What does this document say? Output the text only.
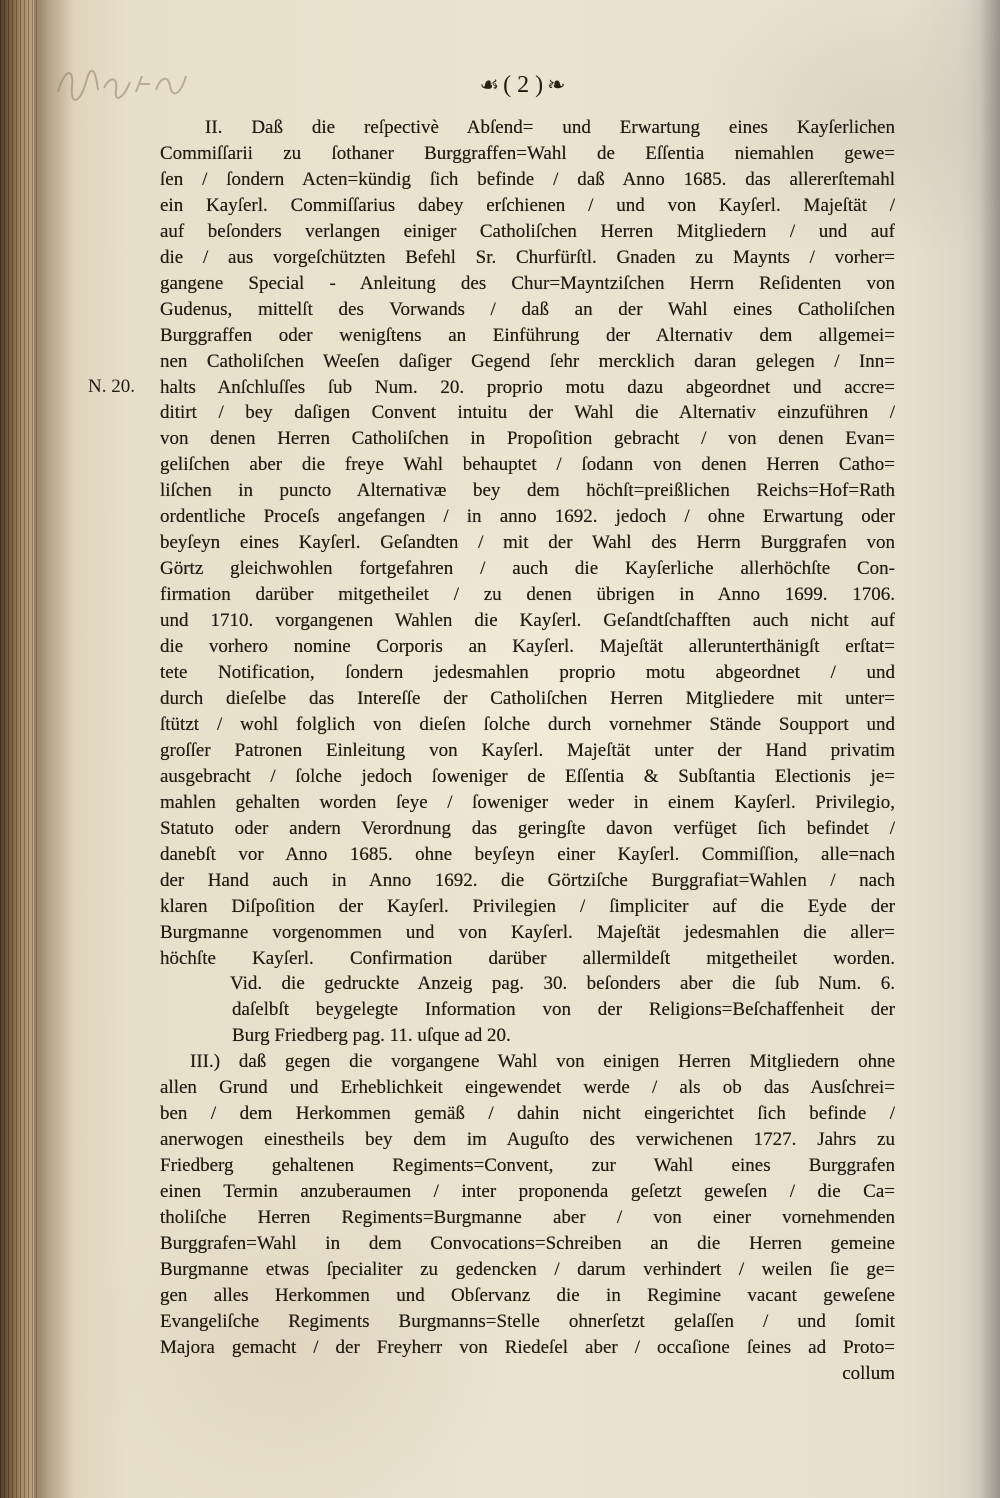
☙ ( 2 ) ❧
N. 20.
II. Daß die reſpectivè Abſend= und Erwartung eines Kayſerlichen
Commiſſarii zu ſothaner Burggraffen=Wahl de Eſſentia niemahlen gewe=
ſen / ſondern Acten=kündig ſich befinde / daß Anno 1685. das allererſtemahl
ein Kayſerl. Commiſſarius dabey erſchienen / und von Kayſerl. Majeſtät /
auf beſonders verlangen einiger Catholiſchen Herren Mitgliedern / und auf
die / aus vorgeſchützten Befehl Sr. Churfürſtl. Gnaden zu Maynts / vorher=
gangene Special - Anleitung des Chur=Mayntziſchen Herrn Reſidenten von
Gudenus, mittelſt des Vorwands / daß an der Wahl eines Catholiſchen
Burggraffen oder wenigſtens an Einführung der Alternativ dem allgemei=
nen Catholiſchen Weeſen daſiger Gegend ſehr mercklich daran gelegen / Inn=
halts Anſchluſſes ſub Num. 20. proprio motu dazu abgeordnet und accre=
ditirt / bey daſigen Convent intuitu der Wahl die Alternativ einzuführen /
von denen Herren Catholiſchen in Propoſition gebracht / von denen Evan=
geliſchen aber die freye Wahl behauptet / ſodann von denen Herren Catho=
liſchen in puncto Alternativæ bey dem höchſt=preißlichen Reichs=Hof=Rath
ordentliche Proceſs angefangen / in anno 1692. jedoch / ohne Erwartung oder
beyſeyn eines Kayſerl. Geſandten / mit der Wahl des Herrn Burggrafen von
Görtz gleichwohlen fortgefahren / auch die Kayſerliche allerhöchſte Con-
firmation darüber mitgetheilet / zu denen übrigen in Anno 1699. 1706.
und 1710. vorgangenen Wahlen die Kayſerl. Geſandtſchafften auch nicht auf
die vorhero nomine Corporis an Kayſerl. Majeſtät allerunterthänigſt erſtat=
tete Notification, ſondern jedesmahlen proprio motu abgeordnet / und
durch dieſelbe das Intereſſe der Catholiſchen Herren Mitgliedere mit unter=
ſtützt / wohl folglich von dieſen ſolche durch vornehmer Stände Soupport und
groſſer Patronen Einleitung von Kayſerl. Majeſtät unter der Hand privatim
ausgebracht / ſolche jedoch ſoweniger de Eſſentia & Subſtantia Electionis je=
mahlen gehalten worden ſeye / ſoweniger weder in einem Kayſerl. Privilegio,
Statuto oder andern Verordnung das geringſte davon verfüget ſich befindet /
danebſt vor Anno 1685. ohne beyſeyn einer Kayſerl. Commiſſion, alle=nach
der Hand auch in Anno 1692. die Görtziſche Burggrafiat=Wahlen / nach
klaren Diſpoſition der Kayſerl. Privilegien / ſimpliciter auf die Eyde der
Burgmanne vorgenommen und von Kayſerl. Majeſtät jedesmahlen die aller=
höchſte Kayſerl. Confirmation darüber allermildeſt mitgetheilet worden.
Vid. die gedruckte Anzeig pag. 30. beſonders aber die ſub Num. 6.
daſelbſt beygelegte Information von der Religions=Beſchaffenheit der
Burg Friedberg pag. 11. uſque ad 20.
III.) daß gegen die vorgangene Wahl von einigen Herren Mitgliedern ohne
allen Grund und Erheblichkeit eingewendet werde / als ob das Ausſchrei=
ben / dem Herkommen gemäß / dahin nicht eingerichtet ſich befinde /
anerwogen einestheils bey dem im Auguſto des verwichenen 1727. Jahrs zu
Friedberg gehaltenen Regiments=Convent, zur Wahl eines Burggrafen
einen Termin anzuberaumen / inter proponenda geſetzt geweſen / die Ca=
tholiſche Herren Regiments=Burgmanne aber / von einer vornehmenden
Burggrafen=Wahl in dem Convocations=Schreiben an die Herren gemeine
Burgmanne etwas ſpecialiter zu gedencken / darum verhindert / weilen ſie ge=
gen alles Herkommen und Obſervanz die in Regimine vacant geweſene
Evangeliſche Regiments Burgmanns=Stelle ohnerſetzt gelaſſen / und ſomit
Majora gemacht / der Freyherr von Riedeſel aber / occaſione ſeines ad Proto=
collum
